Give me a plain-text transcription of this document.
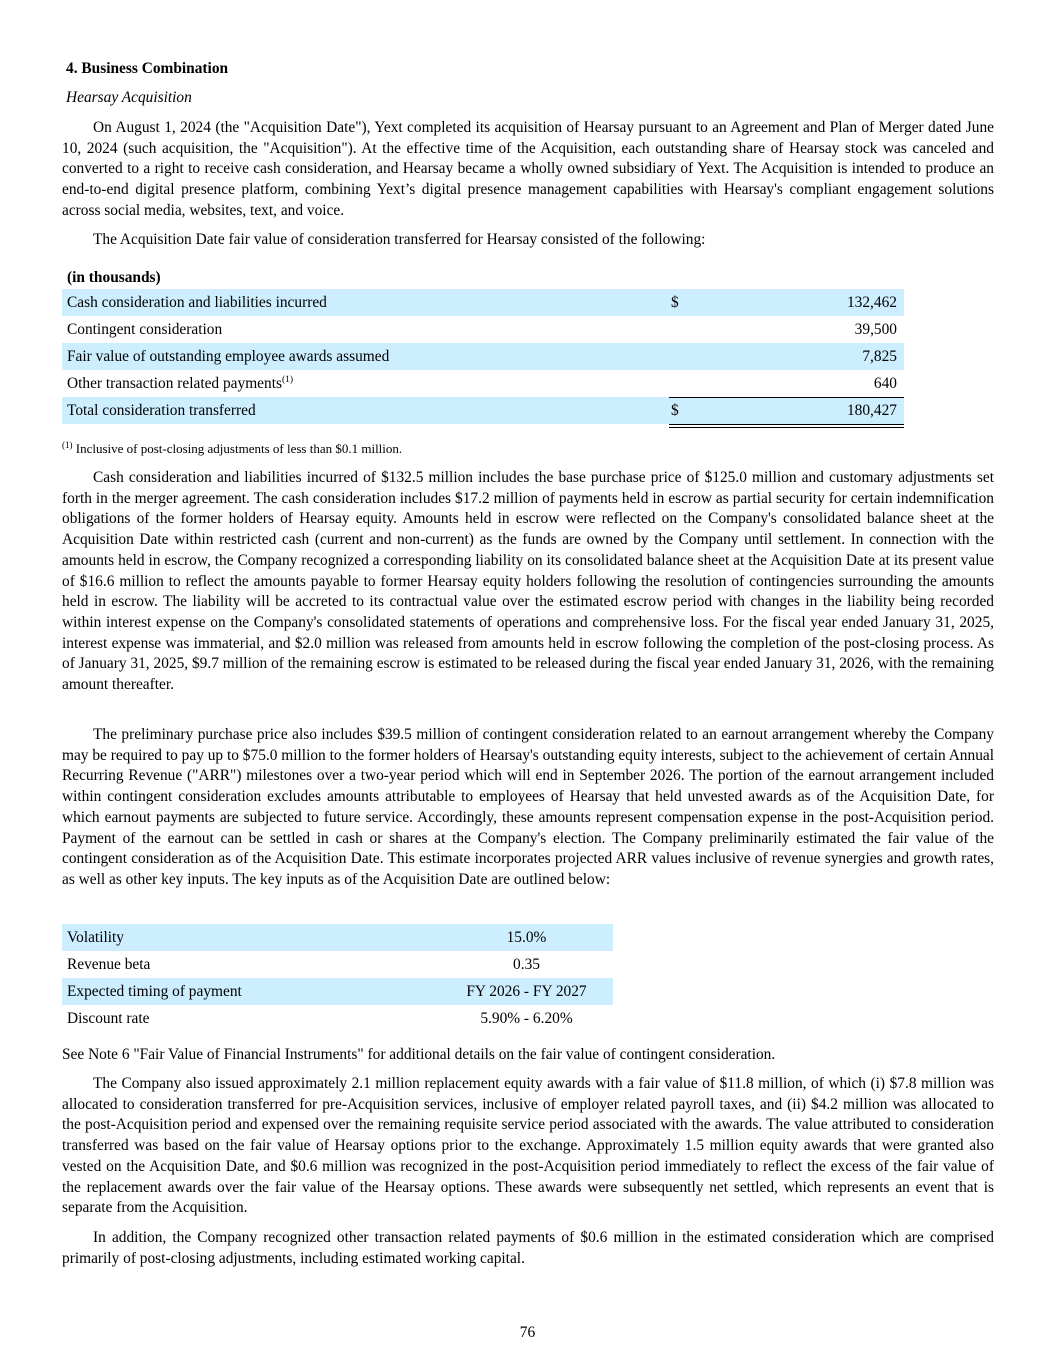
4. Business Combination
Hearsay Acquisition

On August 1, 2024 (the "Acquisition Date"), Yext completed its acquisition of Hearsay pursuant to an Agreement and Plan of Merger dated June 10, 2024 (such acquisition, the "Acquisition"). At the effective time of the Acquisition, each outstanding share of Hearsay stock was canceled and converted to a right to receive cash consideration, and Hearsay became a wholly owned subsidiary of Yext. The Acquisition is intended to produce an end-to-end digital presence platform, combining Yext’s digital presence management capabilities with Hearsay's compliant engagement solutions across social media, websites, text, and voice.

The Acquisition Date fair value of consideration transferred for Hearsay consisted of the following:

(in thousands)
Cash consideration and liabilities incurred	$	132,462
Contingent consideration	39,500
Fair value of outstanding employee awards assumed	7,825
Other transaction related payments$^{(1)}$	640
Total consideration transferred	$	180,427
$^{(1)}$ Inclusive of post-closing adjustments of less than $0.1 million.

Cash consideration and liabilities incurred of $132.5 million includes the base purchase price of $125.0 million and customary adjustments set forth in the merger agreement. The cash consideration includes $17.2 million of payments held in escrow as partial security for certain indemnification obligations of the former holders of Hearsay equity. Amounts held in escrow were reflected on the Company's consolidated balance sheet at the Acquisition Date within restricted cash (current and non-current) as the funds are owned by the Company until settlement. In connection with the amounts held in escrow, the Company recognized a corresponding liability on its consolidated balance sheet at the Acquisition Date at its present value of $16.6 million to reflect the amounts payable to former Hearsay equity holders following the resolution of contingencies surrounding the amounts held in escrow. The liability will be accreted to its contractual value over the estimated escrow period with changes in the liability being recorded within interest expense on the Company's consolidated statements of operations and comprehensive loss. For the fiscal year ended January 31, 2025, interest expense was immaterial, and $2.0 million was released from amounts held in escrow following the completion of the post-closing process. As of January 31, 2025, $9.7 million of the remaining escrow is estimated to be released during the fiscal year ended January 31, 2026, with the remaining amount thereafter.

The preliminary purchase price also includes $39.5 million of contingent consideration related to an earnout arrangement whereby the Company may be required to pay up to $75.0 million to the former holders of Hearsay's outstanding equity interests, subject to the achievement of certain Annual Recurring Revenue ("ARR") milestones over a two-year period which will end in September 2026. The portion of the earnout arrangement included within contingent consideration excludes amounts attributable to employees of Hearsay that held unvested awards as of the Acquisition Date, for which earnout payments are subjected to future service. Accordingly, these amounts represent compensation expense in the post-Acquisition period. Payment of the earnout can be settled in cash or shares at the Company's election. The Company preliminarily estimated the fair value of the contingent consideration as of the Acquisition Date. This estimate incorporates projected ARR values inclusive of revenue synergies and growth rates, as well as other key inputs. The key inputs as of the Acquisition Date are outlined below:

Volatility	15.0%
Revenue beta	0.35
Expected timing of payment	FY 2026 - FY 2027
Discount rate	5.90% - 6.20%

See Note 6 "Fair Value of Financial Instruments" for additional details on the fair value of contingent consideration.

The Company also issued approximately 2.1 million replacement equity awards with a fair value of $11.8 million, of which (i) $7.8 million was allocated to consideration transferred for pre-Acquisition services, inclusive of employer related payroll taxes, and (ii) $4.2 million was allocated to the post-Acquisition period and expensed over the remaining requisite service period associated with the awards. The value attributed to consideration transferred was based on the fair value of Hearsay options prior to the exchange. Approximately 1.5 million equity awards that were granted also vested on the Acquisition Date, and $0.6 million was recognized in the post-Acquisition period immediately to reflect the excess of the fair value of the replacement awards over the fair value of the Hearsay options. These awards were subsequently net settled, which represents an event that is separate from the Acquisition.

In addition, the Company recognized other transaction related payments of $0.6 million in the estimated consideration which are comprised primarily of post-closing adjustments, including estimated working capital.

76
